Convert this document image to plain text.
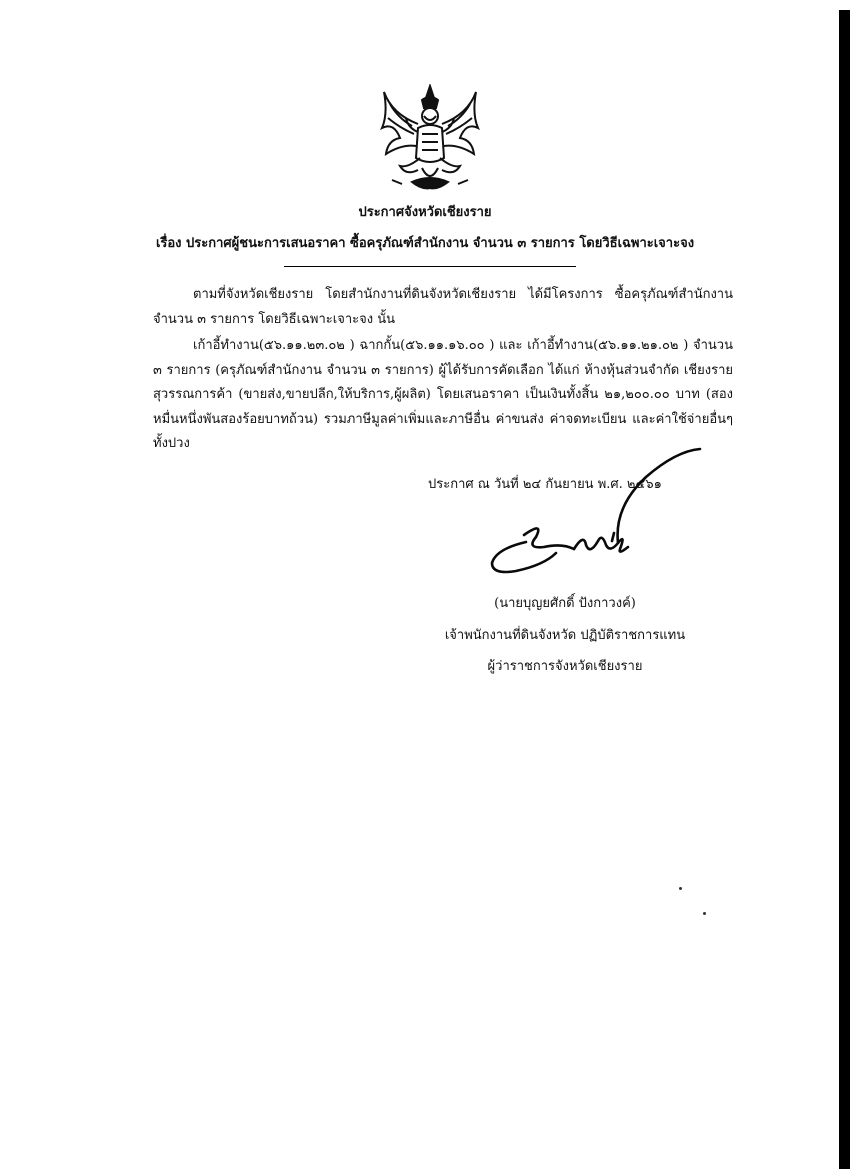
ประกาศจังหวัดเชียงราย
เรื่อง ประกาศผู้ชนะการเสนอราคา ซื้อครุภัณฑ์สำนักงาน จำนวน ๓ รายการ โดยวิธีเฉพาะเจาะจง

ตามที่จังหวัดเชียงราย โดยสำนักงานที่ดินจังหวัดเชียงราย ได้มีโครงการ ซื้อครุภัณฑ์สำนักงาน จำนวน ๓ รายการ โดยวิธีเฉพาะเจาะจง นั้น

เก้าอี้ทำงาน(๕๖.๑๑.๒๓.๐๒ ) ฉากกั้น(๕๖.๑๑.๑๖.๐๐ ) และ เก้าอี้ทำงาน(๕๖.๑๑.๒๑.๐๒ ) จำนวน ๓ รายการ (ครุภัณฑ์สำนักงาน จำนวน ๓ รายการ) ผู้ได้รับการคัดเลือก ได้แก่ ห้างหุ้นส่วนจำกัด เชียงรายสุวรรณการค้า (ขายส่ง,ขายปลีก,ให้บริการ,ผู้ผลิต) โดยเสนอราคา เป็นเงินทั้งสิ้น ๒๑,๒๐๐.๐๐ บาท (สองหมื่นหนึ่งพันสองร้อยบาทถ้วน) รวมภาษีมูลค่าเพิ่มและภาษีอื่น ค่าขนส่ง ค่าจดทะเบียน และค่าใช้จ่ายอื่นๆ ทั้งปวง

ประกาศ ณ วันที่ ๒๔ กันยายน พ.ศ. ๒๕๖๑
(นายบุญยศักดิ์ ปังกาวงค์)
เจ้าพนักงานที่ดินจังหวัด ปฏิบัติราชการแทน
ผู้ว่าราชการจังหวัดเชียงราย
